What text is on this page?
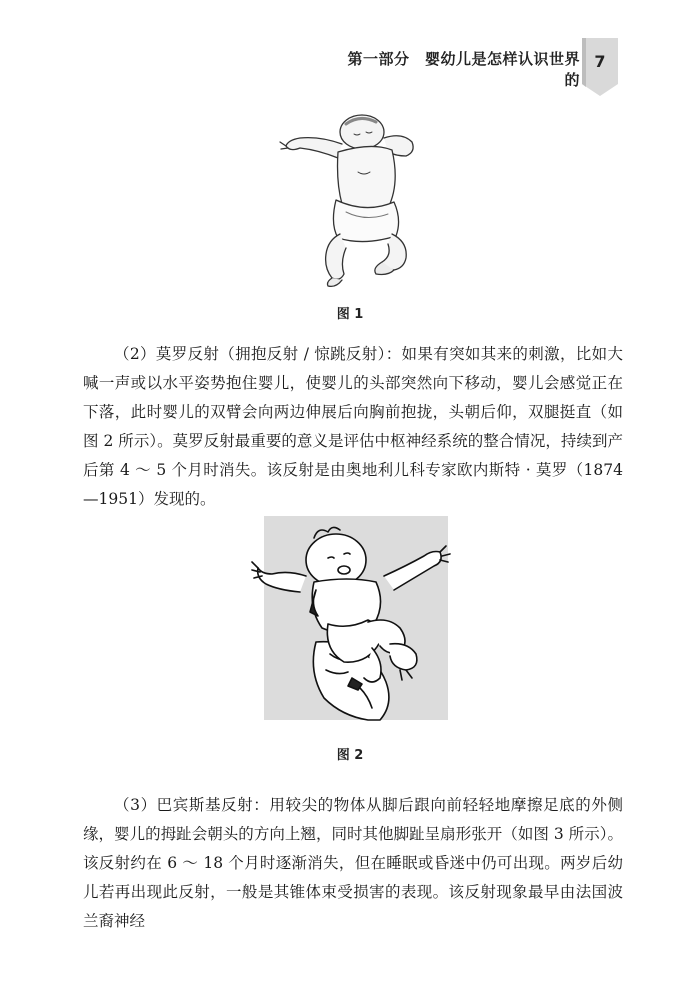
第一部分　婴幼儿是怎样认识世界的
7
图 1

（2）莫罗反射（拥抱反射 / 惊跳反射）：如果有突如其来的刺激，比如大喊一声或以水平姿势抱住婴儿，使婴儿的头部突然向下移动，婴儿会感觉正在下落，此时婴儿的双臂会向两边伸展后向胸前抱拢，头朝后仰，双腿挺直（如图 2 所示）。莫罗反射最重要的意义是评估中枢神经系统的整合情况，持续到产后第 4 ～ 5 个月时消失。该反射是由奥地利儿科专家欧内斯特 · 莫罗（1874—1951）发现的。

图 2

（3）巴宾斯基反射：用较尖的物体从脚后跟向前轻轻地摩擦足底的外侧缘，婴儿的拇趾会朝头的方向上翘，同时其他脚趾呈扇形张开（如图 3 所示）。该反射约在 6 ～ 18 个月时逐渐消失，但在睡眠或昏迷中仍可出现。两岁后幼儿若再出现此反射，一般是其锥体束受损害的表现。该反射现象最早由法国波兰裔神经
